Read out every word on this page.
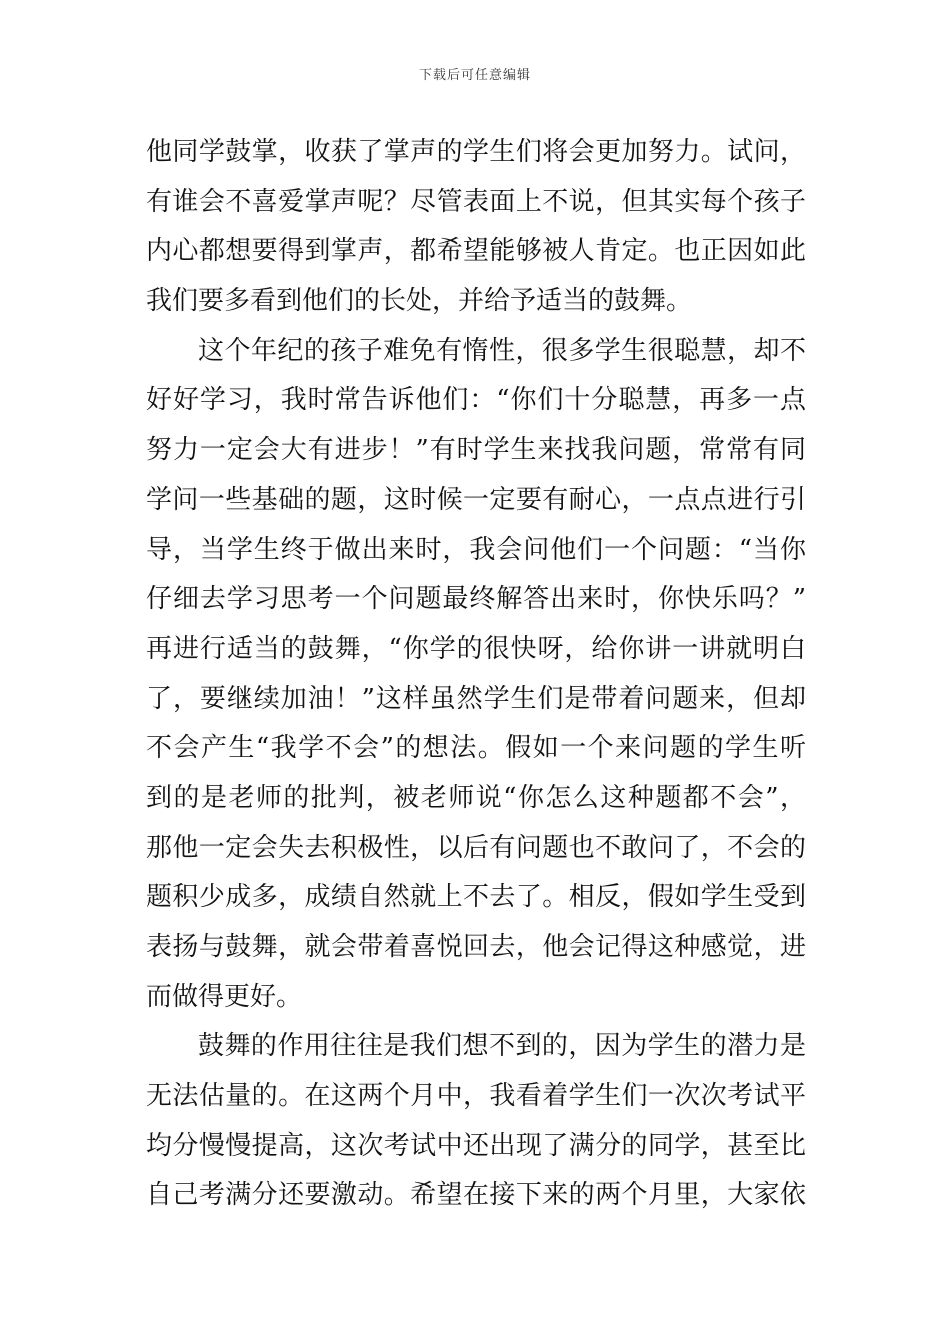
下载后可任意编辑
他同学鼓掌，收获了掌声的学生们将会更加努力。试问，
有谁会不喜爱掌声呢？尽管表面上不说，但其实每个孩子
内心都想要得到掌声，都希望能够被人肯定。也正因如此
我们要多看到他们的长处，并给予适当的鼓舞。
这个年纪的孩子难免有惰性，很多学生很聪慧，却不
好好学习，我时常告诉他们：“你们十分聪慧，再多一点
努力一定会大有进步！”有时学生来找我问题，常常有同
学问一些基础的题，这时候一定要有耐心，一点点进行引
导，当学生终于做出来时，我会问他们一个问题：“当你
仔细去学习思考一个问题最终解答出来时，你快乐吗？”
再进行适当的鼓舞，“你学的很快呀，给你讲一讲就明白
了，要继续加油！”这样虽然学生们是带着问题来，但却
不会产生“我学不会”的想法。假如一个来问题的学生听
到的是老师的批判，被老师说“你怎么这种题都不会”，
那他一定会失去积极性，以后有问题也不敢问了，不会的
题积少成多，成绩自然就上不去了。相反，假如学生受到
表扬与鼓舞，就会带着喜悦回去，他会记得这种感觉，进
而做得更好。
鼓舞的作用往往是我们想不到的，因为学生的潜力是
无法估量的。在这两个月中，我看着学生们一次次考试平
均分慢慢提高，这次考试中还出现了满分的同学，甚至比
自己考满分还要激动。希望在接下来的两个月里，大家依
